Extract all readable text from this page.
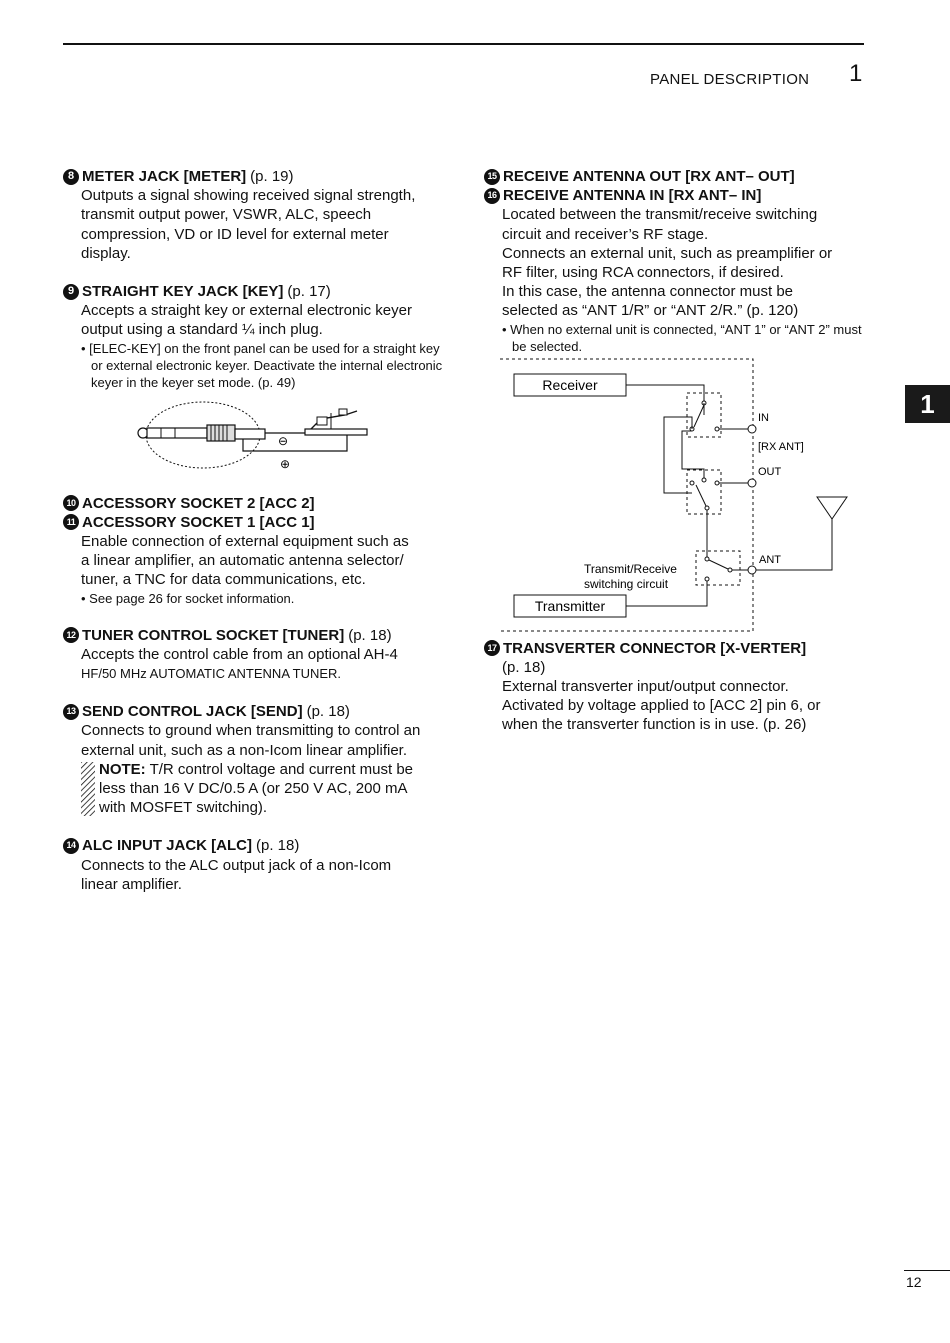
PANEL DESCRIPTION 1
1
8 METER JACK [METER] (p. 19)

Outputs a signal showing received signal strength,

transmit output power, VSWR, ALC, speech

compression, VD or ID level for external meter

display.

9 STRAIGHT KEY JACK [KEY] (p. 17)

Accepts a straight key or external electronic keyer

output using a standard ¼ inch plug.

• [ELEC-KEY] on the front panel can be used for a straight key or external electronic keyer. Deactivate the internal electronic keyer in the keyer set mode. (p. 49)

⊖
⊕
10 ACCESSORY SOCKET 2 [ACC 2]
11 ACCESSORY SOCKET 1 [ACC 1]

Enable connection of external equipment such as

a linear amplifier, an automatic antenna selector/

tuner, a TNC for data communications, etc.

• See page 26 for socket information.

12 TUNER CONTROL SOCKET [TUNER] (p. 18)

Accepts the control cable from an optional AH-4

HF/50 MHz AUTOMATIC ANTENNA TUNER.

13 SEND CONTROL JACK [SEND] (p. 18)

Connects to ground when transmitting to control an

external unit, such as a non-Icom linear amplifier.

NOTE: T/R control voltage and current must be

less than 16 V DC/0.5 A (or 250 V AC, 200 mA

with MOSFET switching).

14 ALC INPUT JACK [ALC] (p. 18)

Connects to the ALC output jack of a non-Icom

linear amplifier.

15 RECEIVE ANTENNA OUT [RX ANT– OUT]
16 RECEIVE ANTENNA IN [RX ANT– IN]

Located between the transmit/receive switching

circuit and receiver’s RF stage.

Connects an external unit, such as preamplifier or

RF filter, using RCA connectors, if desired.

In this case, the antenna connector must be

selected as “ANT 1/R” or “ANT 2/R.” (p. 120)

• When no external unit is connected, “ANT 1” or “ANT 2” must be selected.

Receiver
Transmitter
IN
[RX ANT]
OUT
ANT
Transmit/Receive
switching circuit
17 TRANSVERTER CONNECTOR [X-VERTER]

(p. 18)

External transverter input/output connector.

Activated by voltage applied to [ACC 2] pin 6, or

when the transverter function is in use. (p. 26)

12
